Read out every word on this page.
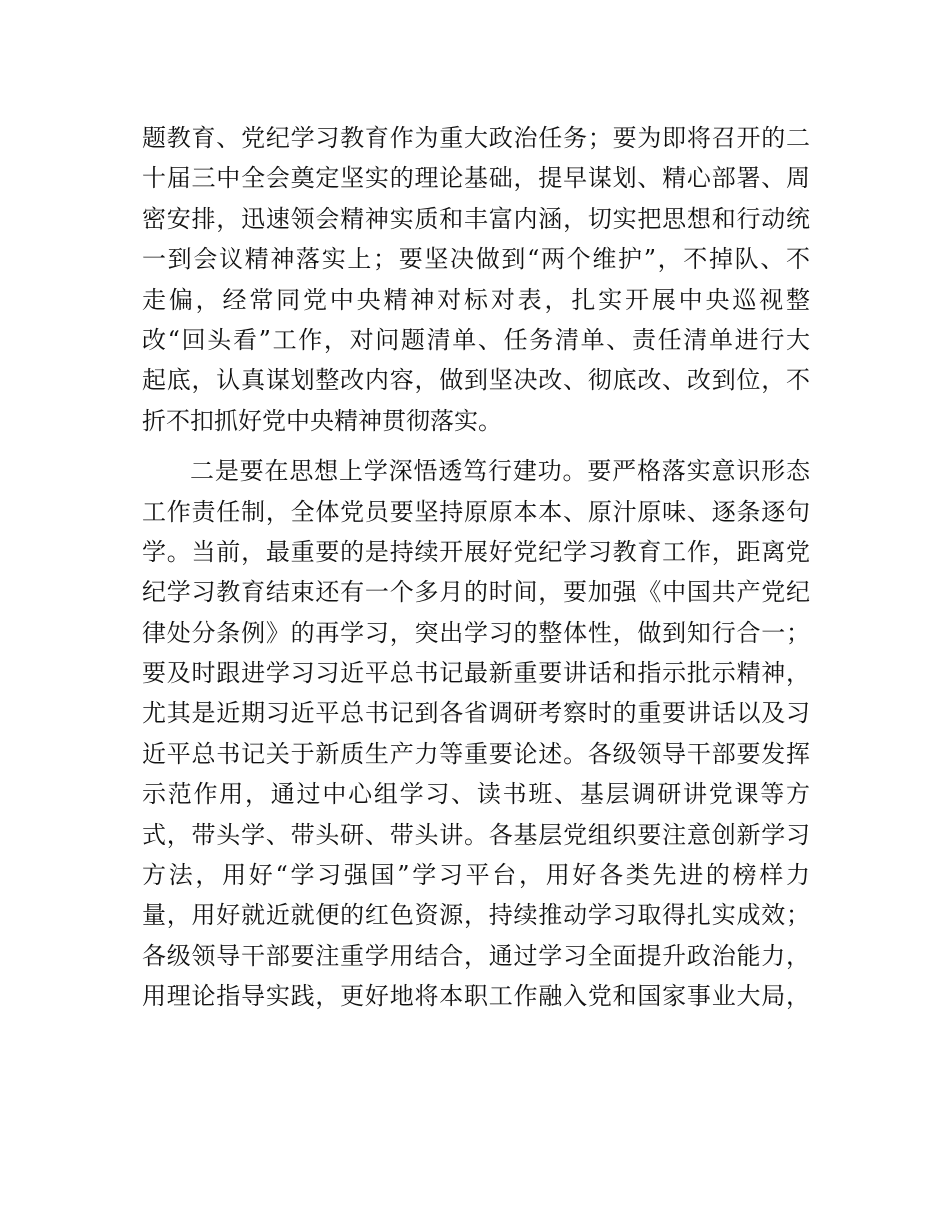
题教育、党纪学习教育作为重大政治任务；要为即将召开的二
十届三中全会奠定坚实的理论基础，提早谋划、精心部署、周
密安排，迅速领会精神实质和丰富内涵，切实把思想和行动统
一到会议精神落实上；要坚决做到“两个维护”，不掉队、不
走偏，经常同党中央精神对标对表，扎实开展中央巡视整
改“回头看”工作，对问题清单、任务清单、责任清单进行大
起底，认真谋划整改内容，做到坚决改、彻底改、改到位，不
折不扣抓好党中央精神贯彻落实。

二是要在思想上学深悟透笃行建功。要严格落实意识形态
工作责任制，全体党员要坚持原原本本、原汁原味、逐条逐句
学。当前，最重要的是持续开展好党纪学习教育工作，距离党
纪学习教育结束还有一个多月的时间，要加强《中国共产党纪
律处分条例》的再学习，突出学习的整体性，做到知行合一；
要及时跟进学习习近平总书记最新重要讲话和指示批示精神，
尤其是近期习近平总书记到各省调研考察时的重要讲话以及习
近平总书记关于新质生产力等重要论述。各级领导干部要发挥
示范作用，通过中心组学习、读书班、基层调研讲党课等方
式，带头学、带头研、带头讲。各基层党组织要注意创新学习
方法，用好“学习强国”学习平台，用好各类先进的榜样力
量，用好就近就便的红色资源，持续推动学习取得扎实成效；
各级领导干部要注重学用结合，通过学习全面提升政治能力，
用理论指导实践，更好地将本职工作融入党和国家事业大局，
